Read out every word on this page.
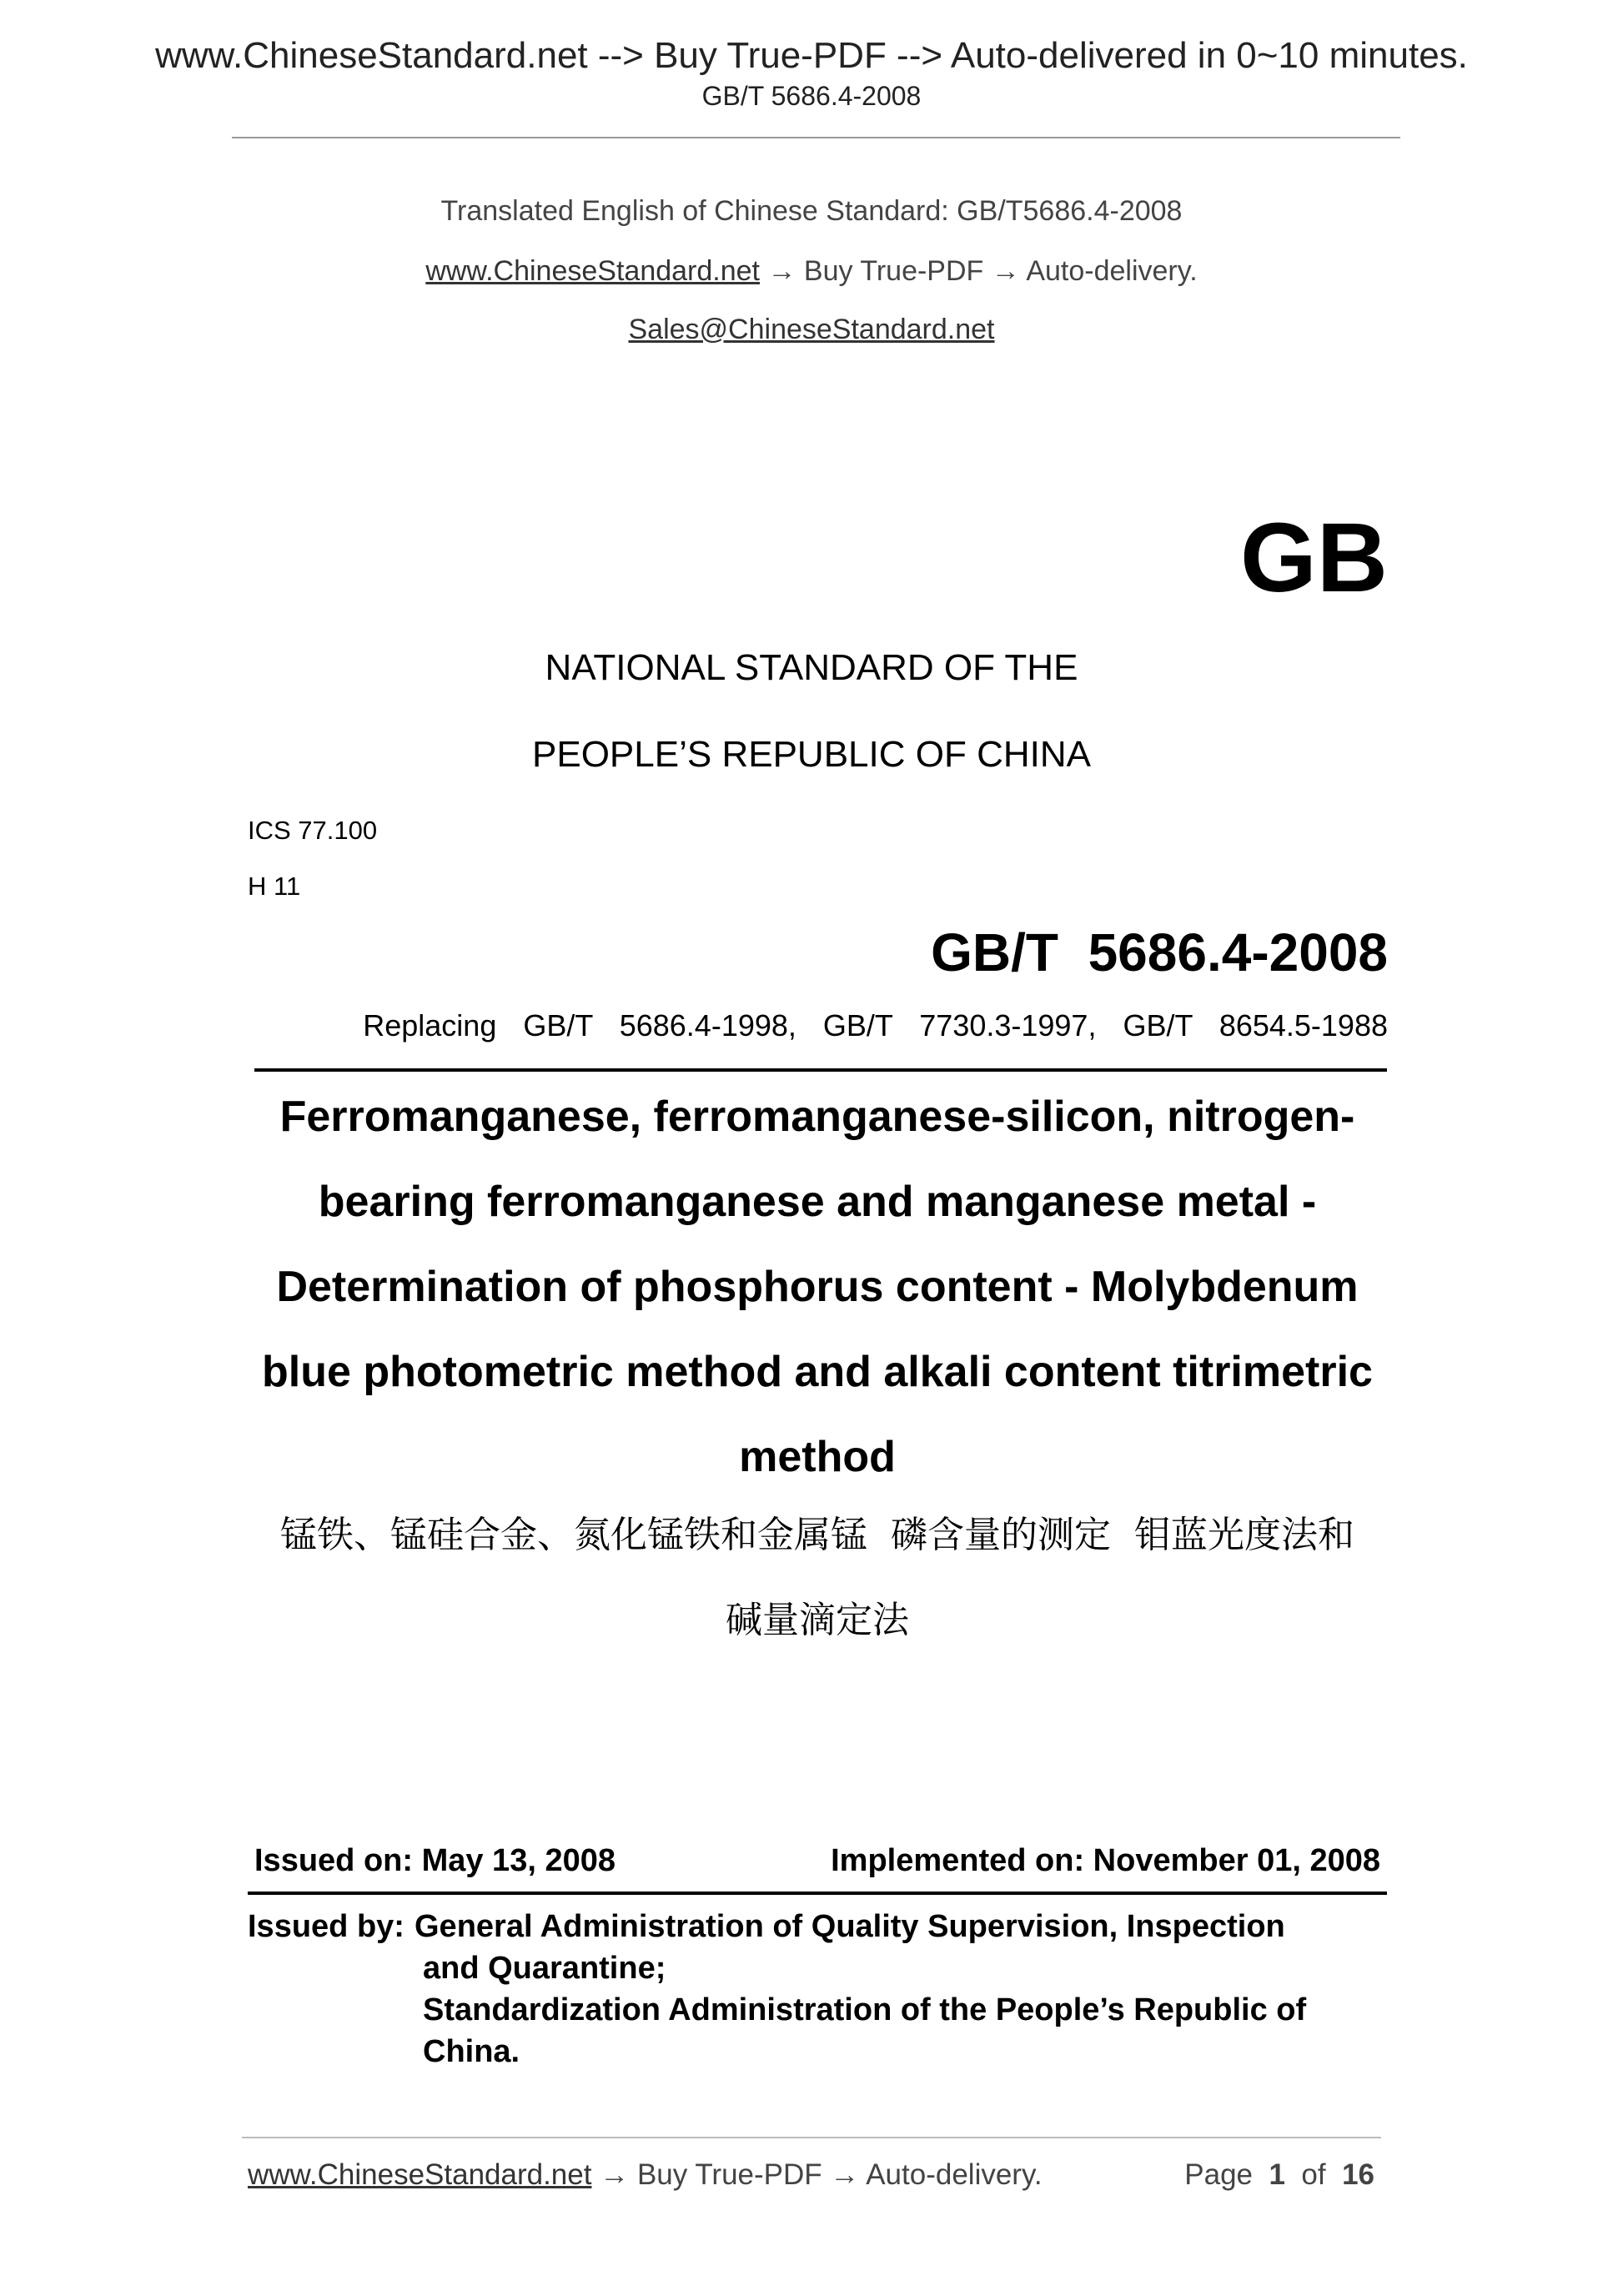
www.ChineseStandard.net --> Buy True-PDF --> Auto-delivered in 0~10 minutes.
GB/T 5686.4-2008
Translated English of Chinese Standard: GB/T5686.4-2008
www.ChineseStandard.net → Buy True-PDF → Auto-delivery.
Sales@ChineseStandard.net
GB
NATIONAL STANDARD OF THE
PEOPLE’S REPUBLIC OF CHINA
ICS 77.100
H 11
GB/T  5686.4-2008
Replacing  GB/T  5686.4-1998,  GB/T  7730.3-1997,  GB/T  8654.5-1988
Ferromanganese, ferromanganese-silicon, nitrogen-
bearing ferromanganese and manganese metal -
Determination of phosphorus content - Molybdenum
blue photometric method and alkali content titrimetric
method
锰铁、锰硅合金、氮化锰铁和金属锰  磷含量的测定  钼蓝光度法和
碱量滴定法
Issued on: May 13, 2008	Implemented on: November 01, 2008
Issued by: General Administration of Quality Supervision, Inspection
and Quarantine;
Standardization Administration of the People’s Republic of
China.
www.ChineseStandard.net → Buy True-PDF → Auto-delivery.	Page 1 of 16
